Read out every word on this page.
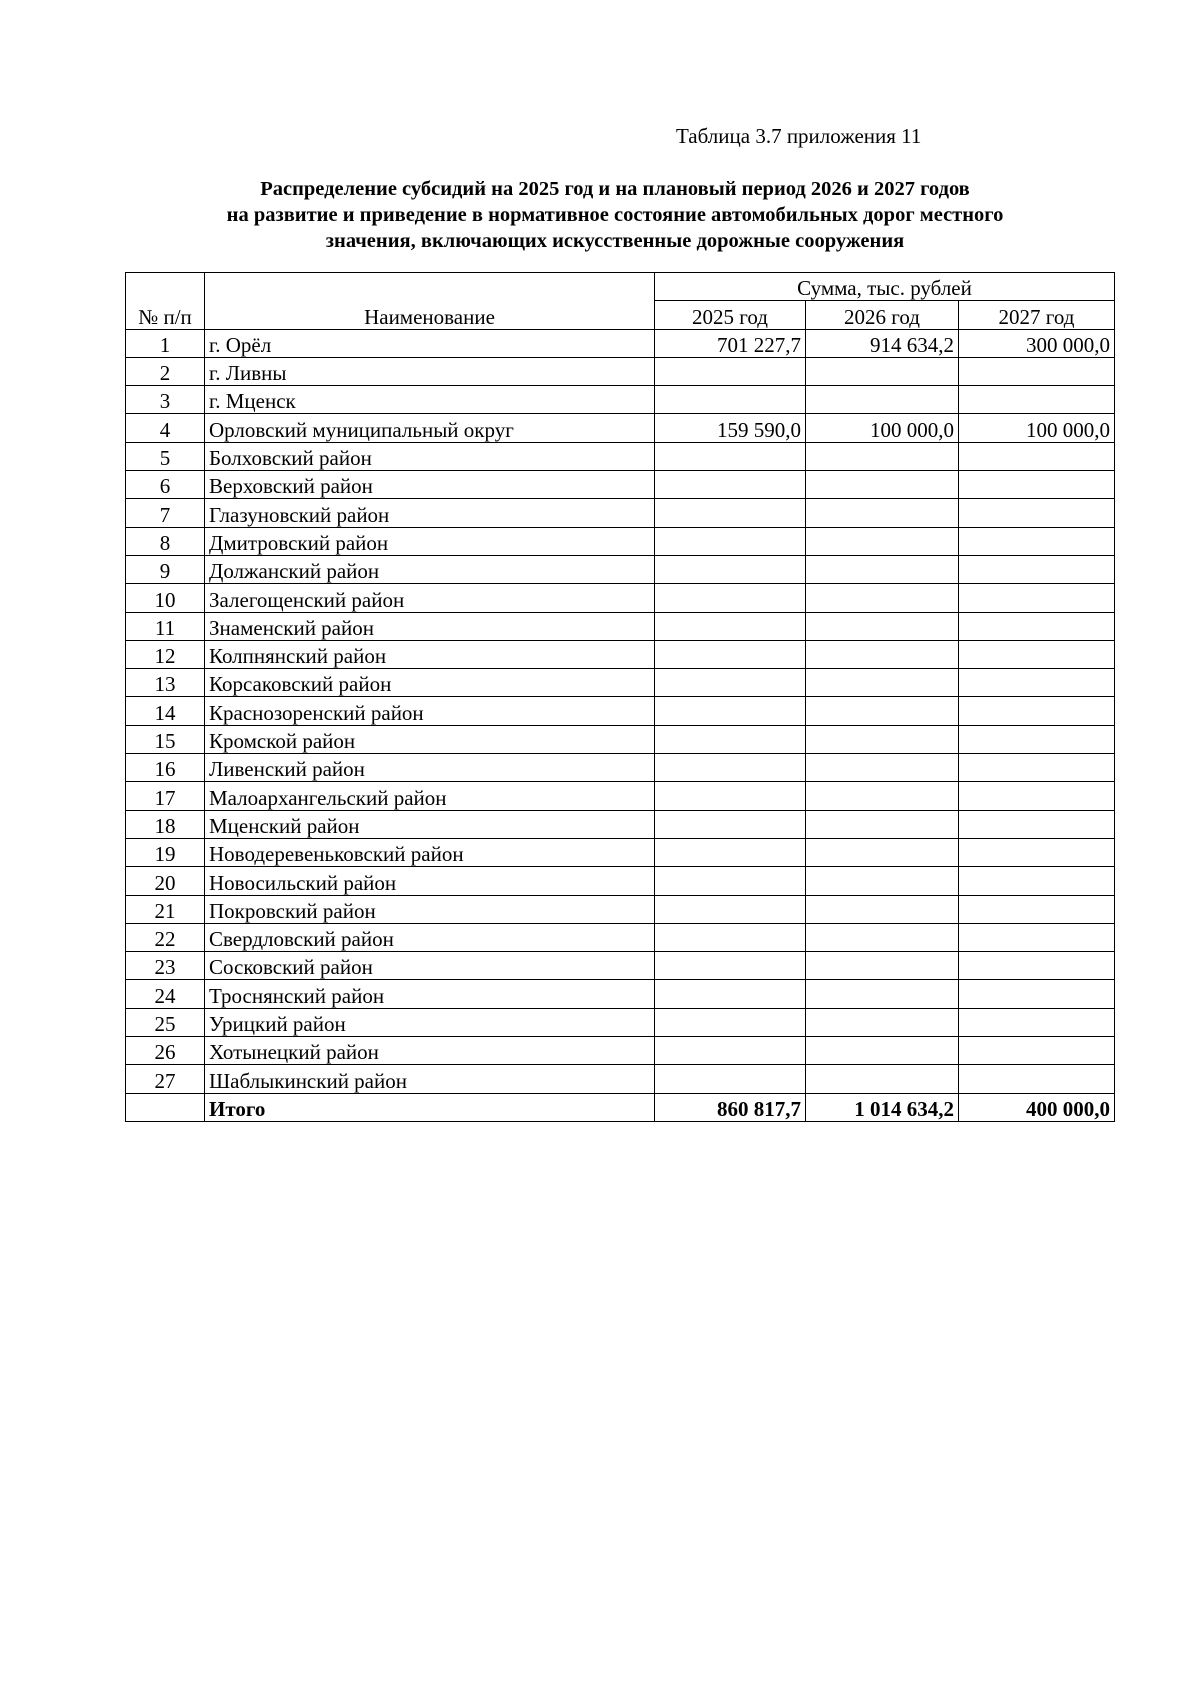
Таблица 3.7 приложения 11
Распределение субсидий на 2025 год и на плановый период 2026 и 2027 годов
на развитие и приведение в нормативное состояние автомобильных дорог местного
значения, включающих искусственные дорожные сооружения
№ п/п	Наименование	Сумма, тыс. рублей		
		2025 год	2026 год	2027 год
1	г. Орёл	701 227,7	914 634,2	300 000,0
2	г. Ливны			
3	г. Мценск			
4	Орловский муниципальный округ	159 590,0	100 000,0	100 000,0
5	Болховский район			
6	Верховский район			
7	Глазуновский район			
8	Дмитровский район			
9	Должанский район			
10	Залегощенский район			
11	Знаменский район			
12	Колпнянский район			
13	Корсаковский район			
14	Краснозоренский район			
15	Кромской район			
16	Ливенский район			
17	Малоархангельский район			
18	Мценский район			
19	Новодеревеньковский район			
20	Новосильский район			
21	Покровский район			
22	Свердловский район			
23	Сосковский район			
24	Троснянский район			
25	Урицкий район			
26	Хотынецкий район			
27	Шаблыкинский район			
	Итого	860 817,7	1 014 634,2	400 000,0
